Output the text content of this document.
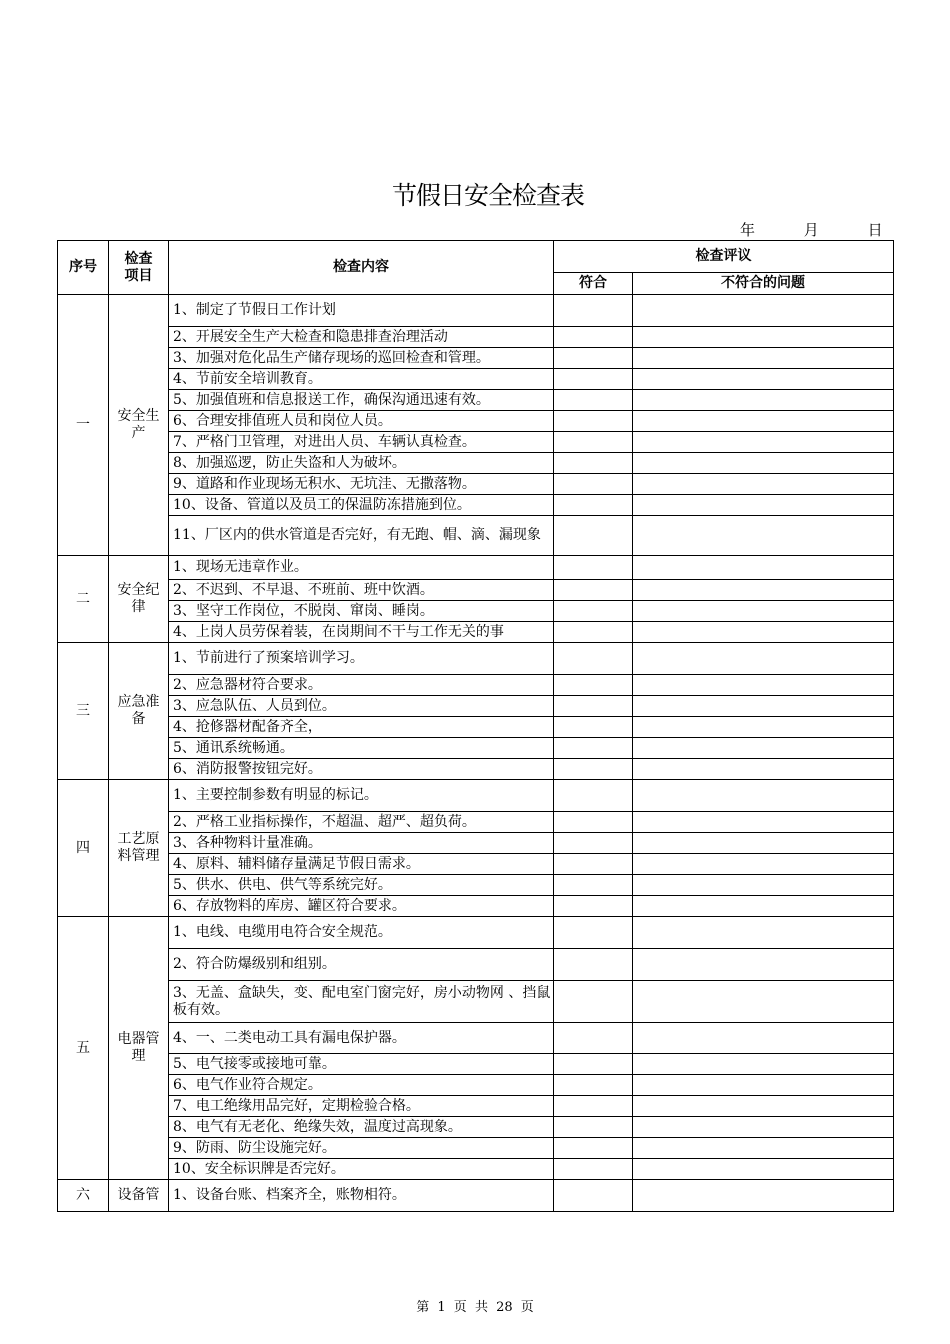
节假日安全检查表
年	月	日
序号	检查项目	检查内容	检查评议	
			符合	不符合的问题
一	安全生产	1、制定了节假日工作计划		
		2、开展安全生产大检查和隐患排查治理活动		
		3、加强对危化品生产储存现场的巡回检查和管理。		
		4、节前安全培训教育。		
		5、加强值班和信息报送工作，确保沟通迅速有效。		
		6、合理安排值班人员和岗位人员。		
		7、严格门卫管理，对进出人员、车辆认真检查。		
		8、加强巡逻，防止失盗和人为破坏。		
		9、道路和作业现场无积水、无坑洼、无撒落物。		
		10、设备、管道以及员工的保温防冻措施到位。		
		11、厂区内的供水管道是否完好，有无跑、帽、滴、漏现象		
二	安全纪律	1、现场无违章作业。		
		2、不迟到、不早退、不班前、班中饮酒。		
		3、坚守工作岗位，不脱岗、窜岗、睡岗。		
		4、上岗人员劳保着装，在岗期间不干与工作无关的事		
三	应急准备	1、节前进行了预案培训学习。		
		2、应急器材符合要求。		
		3、应急队伍、人员到位。		
		4、抢修器材配备齐全，		
		5、通讯系统畅通。		
		6、消防报警按钮完好。		
四	工艺原料管理	1、主要控制参数有明显的标记。		
		2、严格工业指标操作，不超温、超严、超负荷。		
		3、各种物料计量准确。		
		4、原料、辅料储存量满足节假日需求。		
		5、供水、供电、供气等系统完好。		
		6、存放物料的库房、罐区符合要求。		
五	电器管理	1、电线、电缆用电符合安全规范。		
		2、符合防爆级别和组别。		
		3、无盖、盒缺失，变、配电室门窗完好，房小动物网 、挡鼠板有效。		
		4、一、二类电动工具有漏电保护器。		
		5、电气接零或接地可靠。		
		6、电气作业符合规定。		
		7、电工绝缘用品完好，定期检验合格。		
		8、电气有无老化、绝缘失效，温度过高现象。		
		9、防雨、防尘设施完好。		
		10、安全标识牌是否完好。		
六	设备管	1、设备台账、档案齐全，账物相符。		
第 1 页 共 28 页
